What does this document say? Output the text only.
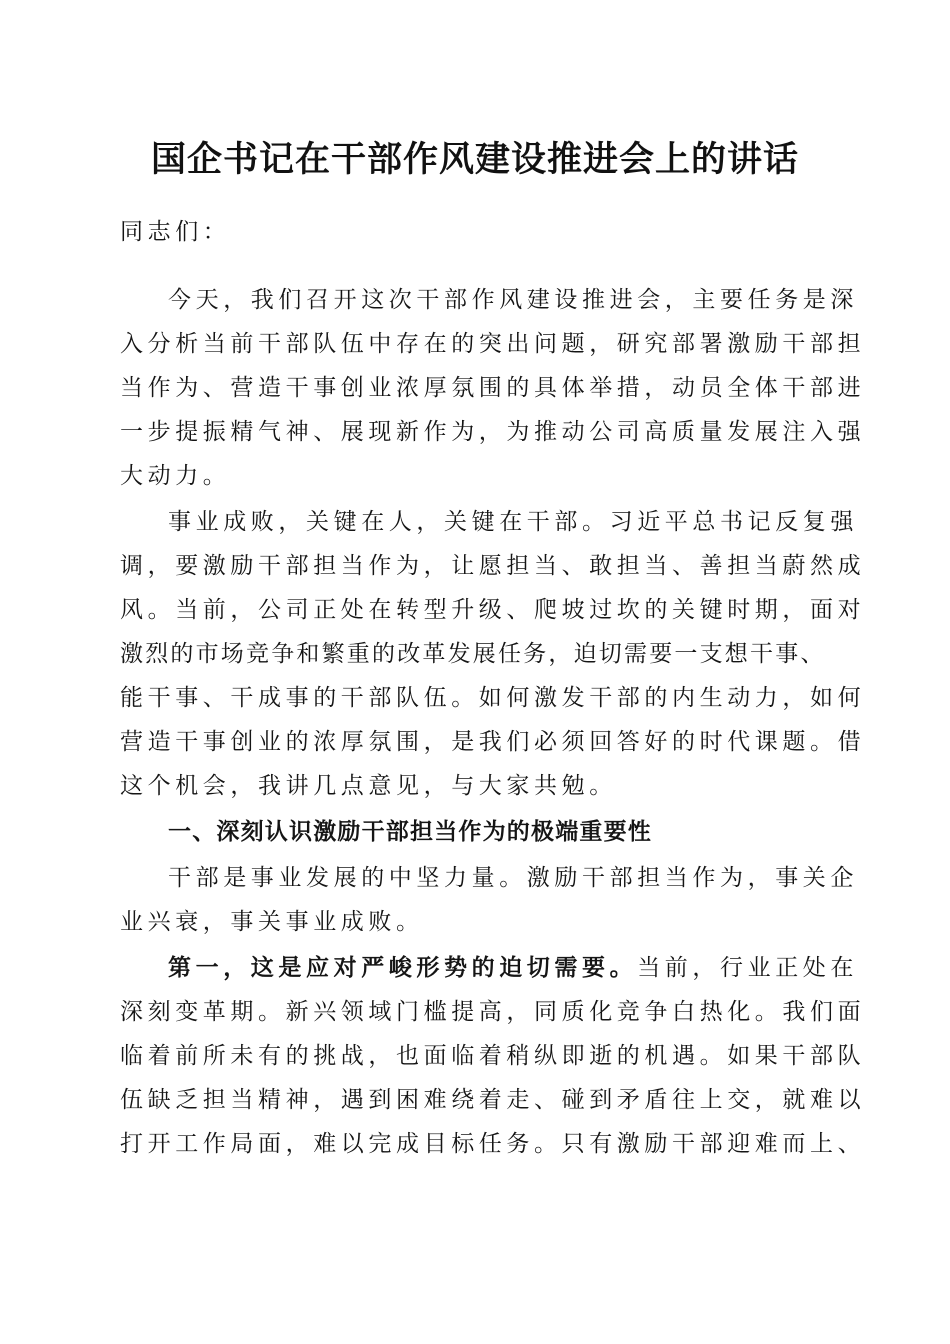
国企书记在干部作风建设推进会上的讲话

同志们：

今天，我们召开这次干部作风建设推进会，主要任务是深

入分析当前干部队伍中存在的突出问题，研究部署激励干部担

当作为、营造干事创业浓厚氛围的具体举措，动员全体干部进

一步提振精气神、展现新作为，为推动公司高质量发展注入强

大动力。

事业成败，关键在人，关键在干部。习近平总书记反复强

调，要激励干部担当作为，让愿担当、敢担当、善担当蔚然成

风。当前，公司正处在转型升级、爬坡过坎的关键时期，面对

激烈的市场竞争和繁重的改革发展任务，迫切需要一支想干事、

能干事、干成事的干部队伍。如何激发干部的内生动力，如何

营造干事创业的浓厚氛围，是我们必须回答好的时代课题。借

这个机会，我讲几点意见，与大家共勉。

一、深刻认识激励干部担当作为的极端重要性

干部是事业发展的中坚力量。激励干部担当作为，事关企

业兴衰，事关事业成败。

第一，这是应对严峻形势的迫切需要。当前，行业正处在

深刻变革期。新兴领域门槛提高，同质化竞争白热化。我们面

临着前所未有的挑战，也面临着稍纵即逝的机遇。如果干部队

伍缺乏担当精神，遇到困难绕着走、碰到矛盾往上交，就难以

打开工作局面，难以完成目标任务。只有激励干部迎难而上、
